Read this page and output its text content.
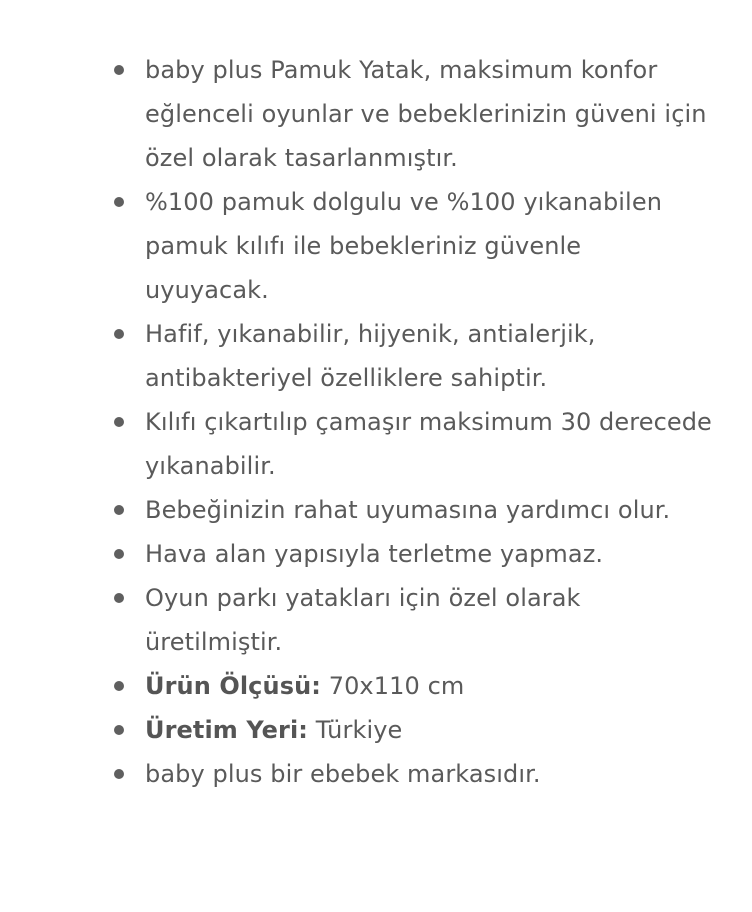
baby plus Pamuk Yatak, maksimum konfor eğlenceli oyunlar ve bebeklerinizin güveni için özel olarak tasarlanmıştır.
%100 pamuk dolgulu ve %100 yıkanabilen pamuk kılıfı ile bebekleriniz güvenle uyuyacak.
Hafif, yıkanabilir, hijyenik, antialerjik, antibakteriyel özelliklere sahiptir.
Kılıfı çıkartılıp çamaşır maksimum 30 derecede yıkanabilir.
Bebeğinizin rahat uyumasına yardımcı olur.
Hava alan yapısıyla terletme yapmaz.
Oyun parkı yatakları için özel olarak üretilmiştir.
Ürün Ölçüsü: 70x110 cm
Üretim Yeri: Türkiye
baby plus bir ebebek markasıdır.
